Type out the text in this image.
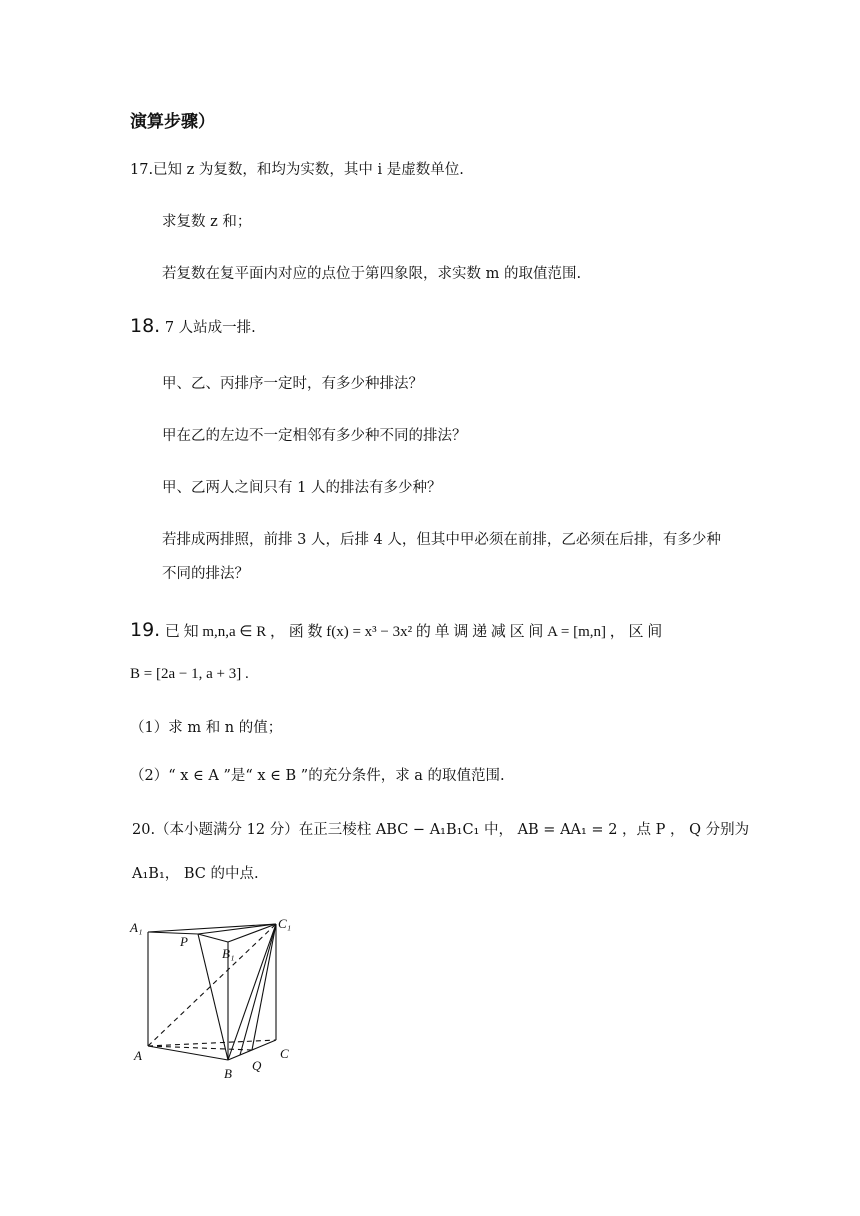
演算步骤）
17.已知 z 为复数，和均为实数，其中 i 是虚数单位.
求复数 z 和；
若复数在复平面内对应的点位于第四象限，求实数 m 的取值范围.
18. 7 人站成一排.
甲、乙、丙排序一定时，有多少种排法？
甲在乙的左边不一定相邻有多少种不同的排法？
甲、乙两人之间只有 1 人的排法有多少种？
若排成两排照，前排 3 人，后排 4 人，但其中甲必须在前排，乙必须在后排，有多少种
不同的排法？
19. 已 知 m,n,a ∈ R ， 函 数 f(x) = x³ − 3x² 的 单 调 递 减 区 间 A = [m,n] ， 区 间
B = [2a − 1, a + 3] .
（1）求 m 和 n 的值；
（2）“ x ∈ A ”是“ x ∈ B ”的充分条件，求 a 的取值范围.
20.（本小题满分 12 分）在正三棱柱 ABC − A₁B₁C₁ 中， AB = AA₁ = 2 ，点 P ， Q 分别为
A₁B₁， BC 的中点.
A₁	C₁
P
B₁
A	C
B
Q
